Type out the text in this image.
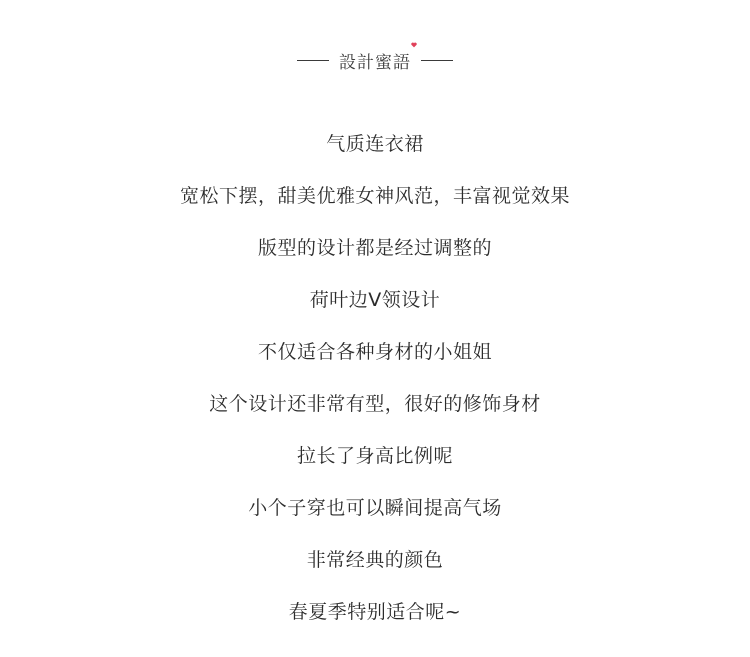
設計蜜語
气质连衣裙
宽松下摆，甜美优雅女神风范，丰富视觉效果
版型的设计都是经过调整的
荷叶边V领设计
不仅适合各种身材的小姐姐
这个设计还非常有型，很好的修饰身材
拉长了身高比例呢
小个子穿也可以瞬间提高气场
非常经典的颜色
春夏季特别适合呢~
